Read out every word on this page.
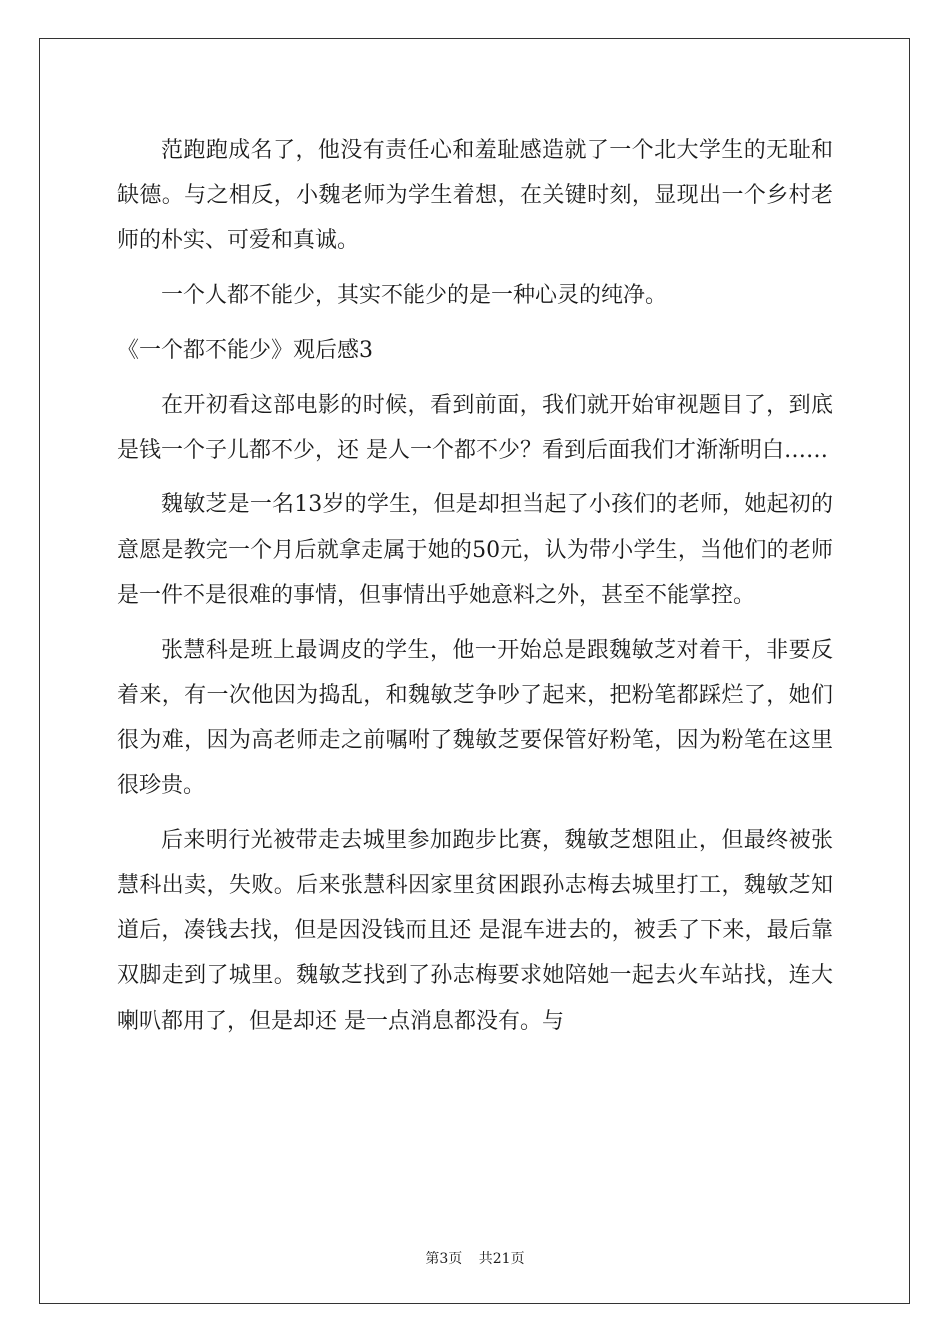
范跑跑成名了，他没有责任心和羞耻感造就了一个北大学生的无耻和缺德。与之相反，小魏老师为学生着想，在关键时刻，显现出一个乡村老师的朴实、可爱和真诚。

一个人都不能少，其实不能少的是一种心灵的纯净。

《一个都不能少》观后感3

在开初看这部电影的时候，看到前面，我们就开始审视题目了，到底是钱一个子儿都不少，还 是人一个都不少？看到后面我们才渐渐明白……

魏敏芝是一名13岁的学生，但是却担当起了小孩们的老师，她起初的意愿是教完一个月后就拿走属于她的50元，认为带小学生，当他们的老师是一件不是很难的事情，但事情出乎她意料之外，甚至不能掌控。

张慧科是班上最调皮的学生，他一开始总是跟魏敏芝对着干，非要反着来，有一次他因为捣乱，和魏敏芝争吵了起来，把粉笔都踩烂了，她们很为难，因为高老师走之前嘱咐了魏敏芝要保管好粉笔，因为粉笔在这里很珍贵。

后来明行光被带走去城里参加跑步比赛，魏敏芝想阻止，但最终被张慧科出卖，失败。后来张慧科因家里贫困跟孙志梅去城里打工，魏敏芝知道后，凑钱去找，但是因没钱而且还 是混车进去的，被丢了下来，最后靠双脚走到了城里。魏敏芝找到了孙志梅要求她陪她一起去火车站找，连大喇叭都用了，但是却还 是一点消息都没有。与

第3页 共21页
